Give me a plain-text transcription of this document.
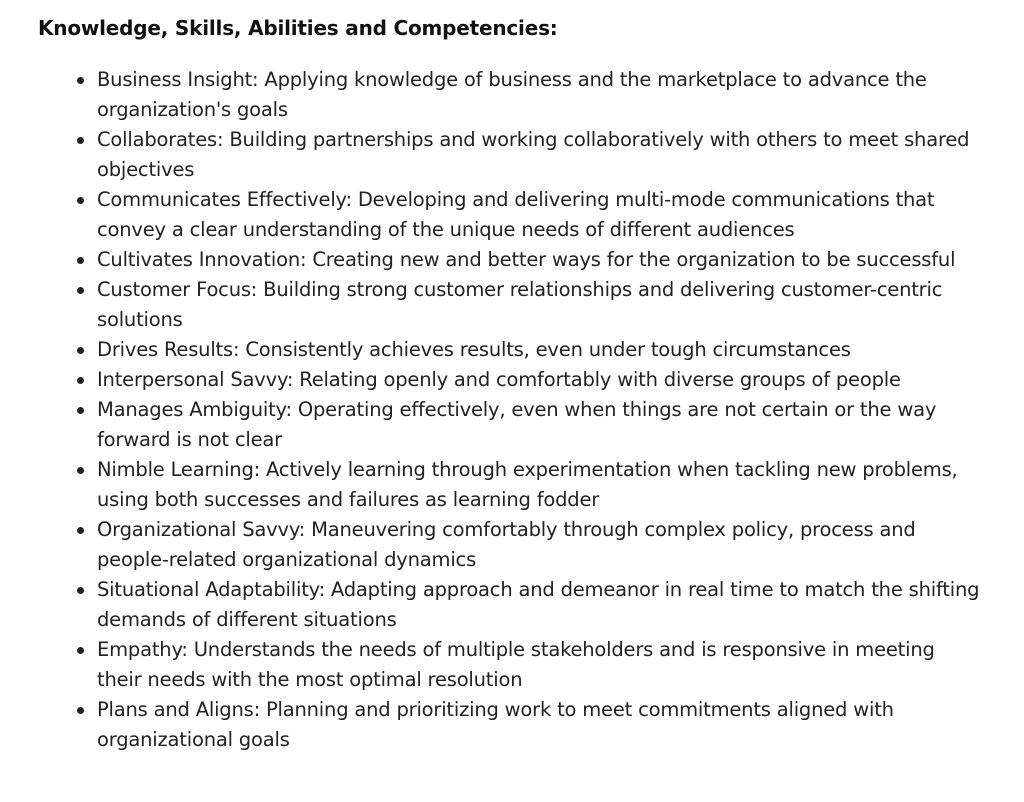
Knowledge, Skills, Abilities and Competencies:
Business Insight: Applying knowledge of business and the marketplace to advance the organization's goals
Collaborates: Building partnerships and working collaboratively with others to meet shared objectives
Communicates Effectively: Developing and delivering multi-mode communications that convey a clear understanding of the unique needs of different audiences
Cultivates Innovation: Creating new and better ways for the organization to be successful
Customer Focus: Building strong customer relationships and delivering customer-centric solutions
Drives Results: Consistently achieves results, even under tough circumstances
Interpersonal Savvy: Relating openly and comfortably with diverse groups of people
Manages Ambiguity: Operating effectively, even when things are not certain or the way forward is not clear
Nimble Learning: Actively learning through experimentation when tackling new problems, using both successes and failures as learning fodder
Organizational Savvy: Maneuvering comfortably through complex policy, process and people-related organizational dynamics
Situational Adaptability: Adapting approach and demeanor in real time to match the shifting demands of different situations
Empathy: Understands the needs of multiple stakeholders and is responsive in meeting their needs with the most optimal resolution
Plans and Aligns: Planning and prioritizing work to meet commitments aligned with organizational goals
